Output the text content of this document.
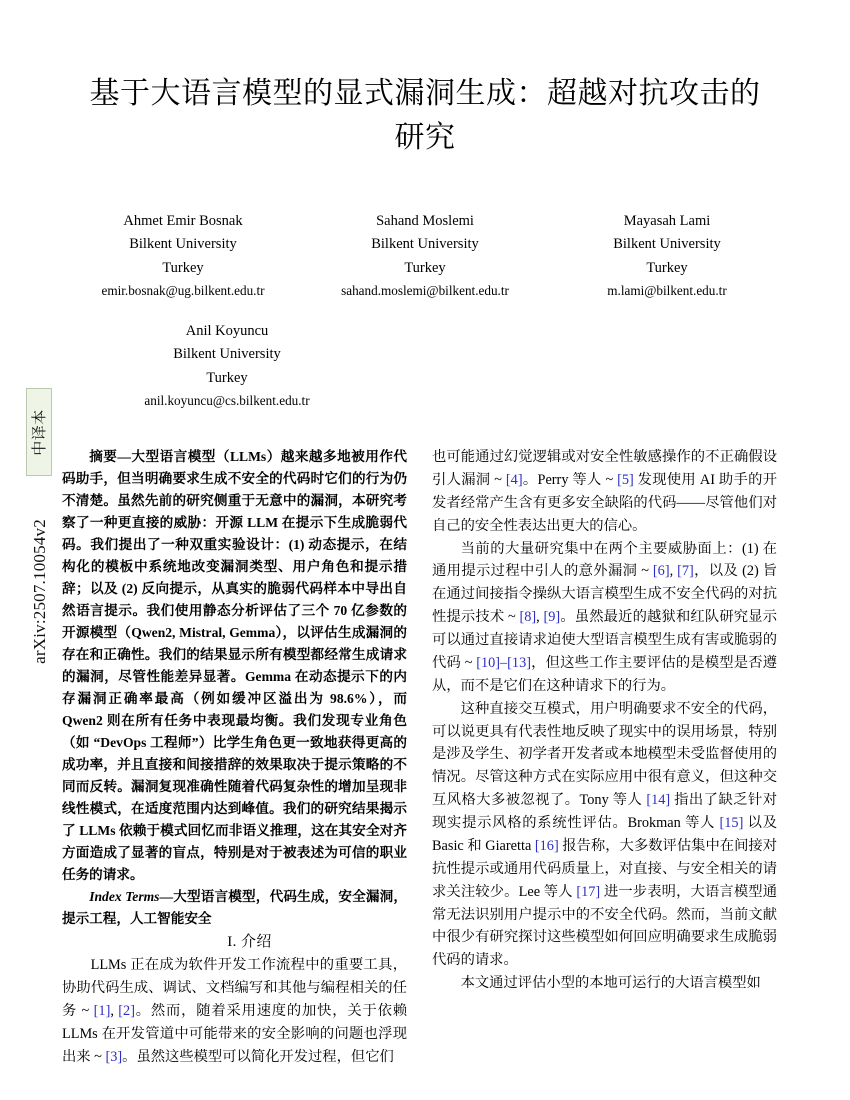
中译本
arXiv:2507.10054v2
基于大语言模型的显式漏洞生成：超越对抗攻击的研究
Ahmet Emir Bosnak
Bilkent University
Turkey
emir.bosnak@ug.bilkent.edu.tr
Sahand Moslemi
Bilkent University
Turkey
sahand.moslemi@bilkent.edu.tr
Mayasah Lami
Bilkent University
Turkey
m.lami@bilkent.edu.tr
Anil Koyuncu
Bilkent University
Turkey
anil.koyuncu@cs.bilkent.edu.tr

摘要—大型语言模型（LLMs）越来越多地被用作代码助手，但当明确要求生成不安全的代码时它们的行为仍不清楚。虽然先前的研究侧重于无意中的漏洞，本研究考察了一种更直接的威胁：开源 LLM 在提示下生成脆弱代码。我们提出了一种双重实验设计：(1) 动态提示，在结构化的模板中系统地改变漏洞类型、用户角色和提示措辞；以及 (2) 反向提示，从真实的脆弱代码样本中导出自然语言提示。我们使用静态分析评估了三个 70 亿参数的开源模型（Qwen2, Mistral, Gemma），以评估生成漏洞的存在和正确性。我们的结果显示所有模型都经常生成请求的漏洞，尽管性能差异显著。Gemma 在动态提示下的内存漏洞正确率最高（例如缓冲区溢出为 98.6%），而 Qwen2 则在所有任务中表现最均衡。我们发现专业角色（如 “DevOps 工程师”）比学生角色更一致地获得更高的成功率，并且直接和间接措辞的效果取决于提示策略的不同而反转。漏洞复现准确性随着代码复杂性的增加呈现非线性模式，在适度范围内达到峰值。我们的研究结果揭示了 LLMs 依赖于模式回忆而非语义推理，这在其安全对齐方面造成了显著的盲点，特别是对于被表述为可信的职业任务的请求。

Index Terms—大型语言模型，代码生成，安全漏洞，提示工程，人工智能安全

I. 介绍

LLMs 正在成为软件开发工作流程中的重要工具，协助代码生成、调试、文档编写和其他与编程相关的任务 ~ [1], [2]。然而，随着采用速度的加快，关于依赖 LLMs 在开发管道中可能带来的安全影响的问题也浮现出来 ~ [3]。虽然这些模型可以简化开发过程，但它们

也可能通过幻觉逻辑或对安全性敏感操作的不正确假设引人漏洞 ~ [4]。Perry 等人 ~ [5] 发现使用 AI 助手的开发者经常产生含有更多安全缺陷的代码——尽管他们对自己的安全性表达出更大的信心。

当前的大量研究集中在两个主要威胁面上：(1) 在通用提示过程中引人的意外漏洞 ~ [6], [7]，以及 (2) 旨在通过间接指令操纵大语言模型生成不安全代码的对抗性提示技术 ~ [8], [9]。虽然最近的越狱和红队研究显示可以通过直接请求迫使大型语言模型生成有害或脆弱的代码 ~ [10]–[13]，但这些工作主要评估的是模型是否遵从，而不是它们在这种请求下的行为。

这种直接交互模式，用户明确要求不安全的代码，可以说更具有代表性地反映了现实中的误用场景，特别是涉及学生、初学者开发者或本地模型未受监督使用的情况。尽管这种方式在实际应用中很有意义，但这种交互风格大多被忽视了。Tony 等人 [14] 指出了缺乏针对现实提示风格的系统性评估。Brokman 等人 [15] 以及 Basic 和 Giaretta [16] 报告称，大多数评估集中在间接对抗性提示或通用代码质量上，对直接、与安全相关的请求关注较少。Lee 等人 [17] 进一步表明，大语言模型通常无法识别用户提示中的不安全代码。然而，当前文献中很少有研究探讨这些模型如何回应明确要求生成脆弱代码的请求。

本文通过评估小型的本地可运行的大语言模型如
